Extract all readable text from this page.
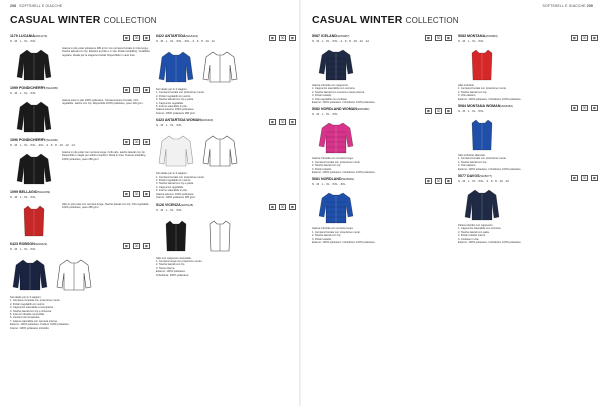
208 SOFTSHELL E GIACCHE
CASUAL WINTER COLLECTION
1179 LUCANIA(WA1179)
S · M · L · XL · XXL
⊠	30	⊠
Giacca in pile polar poliestere 280 gr/m² con cerniera frontale in tinta lunga. Tasche laterali con zip. Elastico ai polsi e in vita. Polsini antipilling. Vestibilità regolare. Ideale per la stagione fredda. Disponibile in varie tinte.
1099 PONDICHERRY(WA1095)
S · M · L · XL · XXL
⊠	30	⊠
Giacca polar in pile 100% poliestere. Cerniera lampo frontale. Orlo regolabile, tasche con zip. Disponibile 100% poliestere, peso 320 g/m².
1096 PONDICHERRY(WA1096)
S · M · L · XL · XXL · 3XL · 4 · 6 · 8 · 10 · 12 · 14
⊠	30	⊠
Giacca in pile polar con cerniera lunga. Collo alto, tasche laterali con zip. Disponibile in taglie per adulti e bambini. Bordi in tinta. Tessuto antipilling 100% poliestere, peso 280 g/m².
1099 BELLAGIO(WA1099)
S · M · L · XL · XXL
⊠	30	⊠
Gilet in pile polar con cerniera lunga. Tasche laterali con zip. Orlo regolabile. 100% poliestere, peso 280 g/m².
6423 ROBSON(WA6423)
S · M · L · XL · XXL
⊠	30	⊠
Set ideale per le 3 stagioni.
1. Cerniera completa con protezione mento.
2. Polsini regolabili con velcro.
3. Cappuccio staccabile a scomparsa.
4. Tasche laterali con zip e chiusura.
5. Interno imbottito removibile.
6. Cuciture termonastrate.
7. Giacca staccabile con cerniera interna.
Esterno: 100% poliestere. Fodera: 100% poliestere.
Interno: 100% poliestere imbottito.
6422 ANTARTIDA(WA6422)
S · M · L · XL · XXL · 3XL · 4 · 6 · 8 · 10 · 12
⊠	30	⊠
Set ideale per le 3 stagioni.
1. Cerniera frontale con protezione mento.
2. Polsini regolabili con velcro.
3. Tasche laterali con zip e patta.
4. Cappuccio regolabile.
5. Interno staccabile in pile.
Giacca esterna: 100% poliestere.
Interno: 100% poliestere 280 g/m².
6423 ANTARTIDA WOMAN(WA6423)
S · M · L · XL · XXL
⊠	30	⊠
Set ideale per le 3 stagioni.
1. Cerniera frontale con protezione mento.
2. Polsini regolabili con velcro.
3. Tasche laterali con zip e patta.
4. Cappuccio regolabile.
5. Interno staccabile in pile.
Giacca esterna: 100% poliestere.
Interno: 100% poliestere 280 g/m².
5128 VICENZA(WA5128)
S · M · L · XL · XXL
⊠	30	⊠
Gilet con cappuccio staccabile.
1. Cerniera lunga con protezione mento.
2. Tasche laterali con zip.
3. Tasca interna.
Esterno: 100% poliestere.
Imbottitura: 100% poliestere.
SOFTSHELL E GIACCHE 209
CASUAL WINTER COLLECTION
5087 ICELAND(WA5087)
S · M · L · XL · XXL · 4 · 6 · 8 · 10 · 12 · 14
⊠	30	⊠
Giacca imbottita con cappuccio.
1. Cappuccio staccabile con cerniera.
2. Tasche laterali con cerniera e tasca interna.
3. Polsini elastici.
4. Orlo regolabile con coulisse.
Esterno: 100% poliestere. Imbottitura: 100% poliestere.
5082 NORDLAND WOMAN(WA5082)
S · M · L · XL · XXL
⊠	30	⊠
Giacca imbottita con cerniera lunga.
1. Cerniera frontale con protezione mento.
2. Tasche laterali con zip.
3. Polsini elastici.
Esterno: 100% poliestere. Imbottitura: 100% poliestere.
5081 NORDLAND(WA5081)
S · M · L · XL · XXL · 3XL
⊠	30	⊠
Giacca imbottita con cerniera lunga.
1. Cerniera frontale con protezione mento.
2. Tasche laterali con zip.
3. Polsini elastici.
Esterno: 100% poliestere. Imbottitura: 100% poliestere.
5083 MONTANA(WA5083)
S · M · L · XL · XXL
⊠	30	⊠
Gilet imbottito.
1. Cerniera frontale con protezione mento.
2. Tasche laterali con zip.
3. Orlo elastico.
Esterno: 100% poliestere. Imbottitura: 100% poliestere.
5084 MONTANA WOMAN(WA5084)
S · M · L · XL · XXL
⊠	30	⊠
Gilet imbottito sfiancato.
1. Cerniera frontale con protezione mento.
2. Tasche laterali con zip.
3. Orlo elastico.
Esterno: 100% poliestere. Imbottitura: 100% poliestere.
5077 DAVOS(WA5077)
S · M · L · XL · XXL · 4 · 6 · 8 · 10 · 12
⊠	30	⊠
Parka imbottito con cappuccio.
1. Cappuccio staccabile con cerniera.
2. Tasche laterali con patta.
3. Polsini elastici interni.
4. Coulisse in vita.
Esterno: 100% poliestere. Imbottitura: 100% poliestere.
